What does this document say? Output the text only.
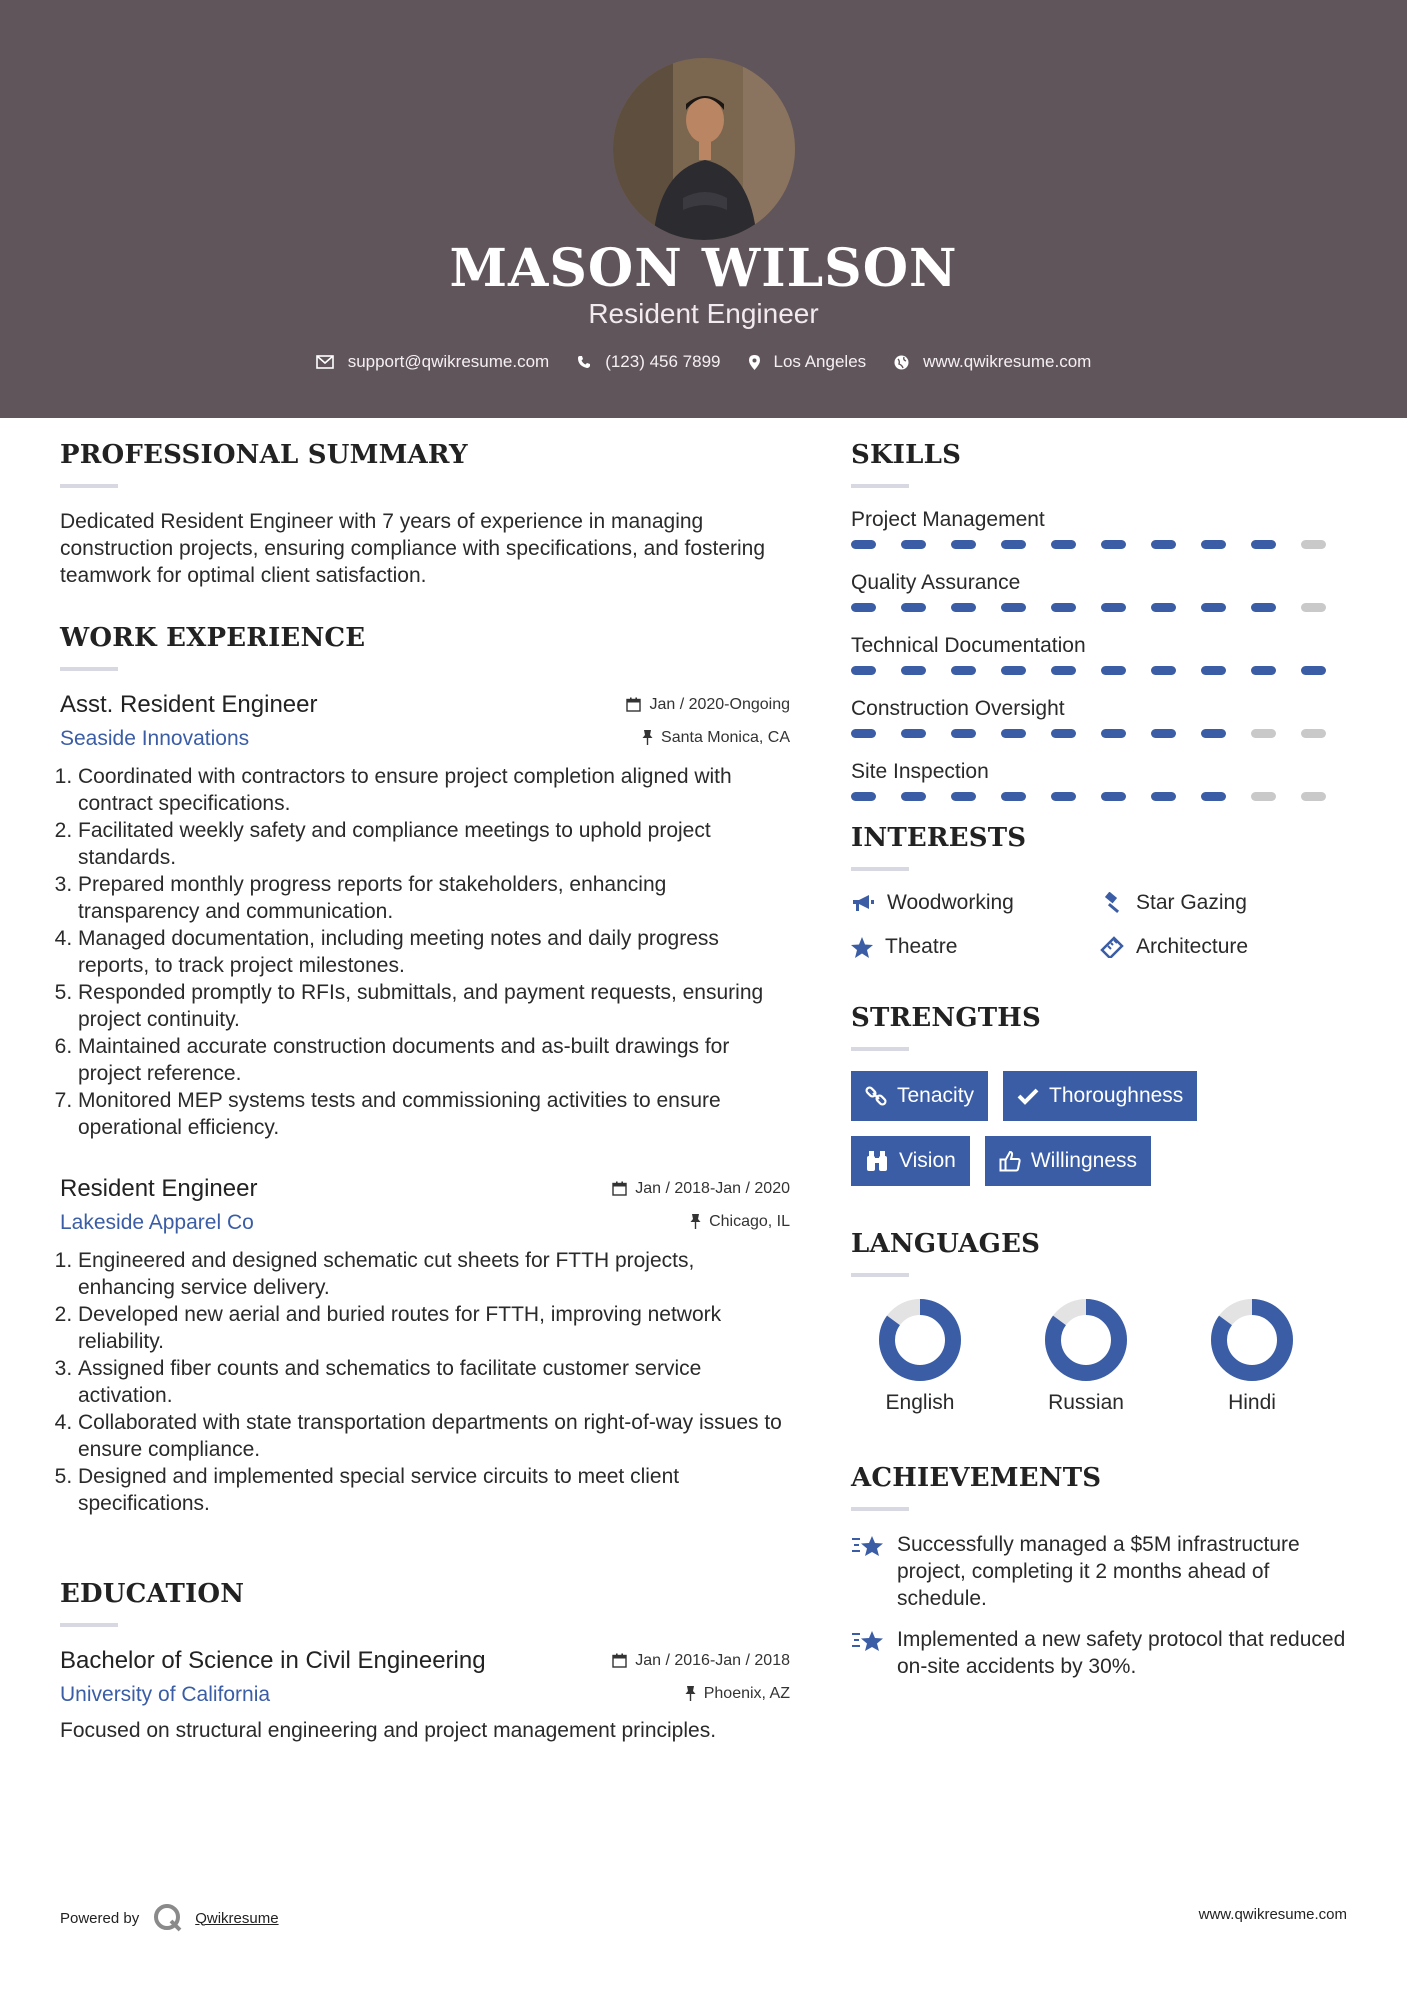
MASON WILSON
Resident Engineer
support@qwikresume.com	(123) 456 7899	Los Angeles	www.qwikresume.com
PROFESSIONAL SUMMARY

Dedicated Resident Engineer with 7 years of experience in managing construction projects, ensuring compliance with specifications, and fostering teamwork for optimal client satisfaction.

WORK EXPERIENCE
Asst. Resident Engineer	Jan / 2020-Ongoing
Seaside Innovations	Santa Monica, CA
1. Coordinated with contractors to ensure project completion aligned with contract specifications.
2. Facilitated weekly safety and compliance meetings to uphold project standards.
3. Prepared monthly progress reports for stakeholders, enhancing transparency and communication.
4. Managed documentation, including meeting notes and daily progress reports, to track project milestones.
5. Responded promptly to RFIs, submittals, and payment requests, ensuring project continuity.
6. Maintained accurate construction documents and as-built drawings for project reference.
7. Monitored MEP systems tests and commissioning activities to ensure operational efficiency.
Resident Engineer	Jan / 2018-Jan / 2020
Lakeside Apparel Co	Chicago, IL
1. Engineered and designed schematic cut sheets for FTTH projects, enhancing service delivery.
2. Developed new aerial and buried routes for FTTH, improving network reliability.
3. Assigned fiber counts and schematics to facilitate customer service activation.
4. Collaborated with state transportation departments on right-of-way issues to ensure compliance.
5. Designed and implemented special service circuits to meet client specifications.
EDUCATION
Bachelor of Science in Civil Engineering	Jan / 2016-Jan / 2018
University of California	Phoenix, AZ

Focused on structural engineering and project management principles.

SKILLS
Project Management
Quality Assurance
Technical Documentation
Construction Oversight
Site Inspection
INTERESTS
Woodworking	Star Gazing
Theatre	Architecture
STRENGTHS
Tenacity	Thoroughness
Vision	Willingness
LANGUAGES
English	Russian	Hindi
ACHIEVEMENTS
Successfully managed a $5M infrastructure project, completing it 2 months ahead of schedule.
Implemented a new safety protocol that reduced on-site accidents by 30%.
Powered by	Qwikresume	www.qwikresume.com
